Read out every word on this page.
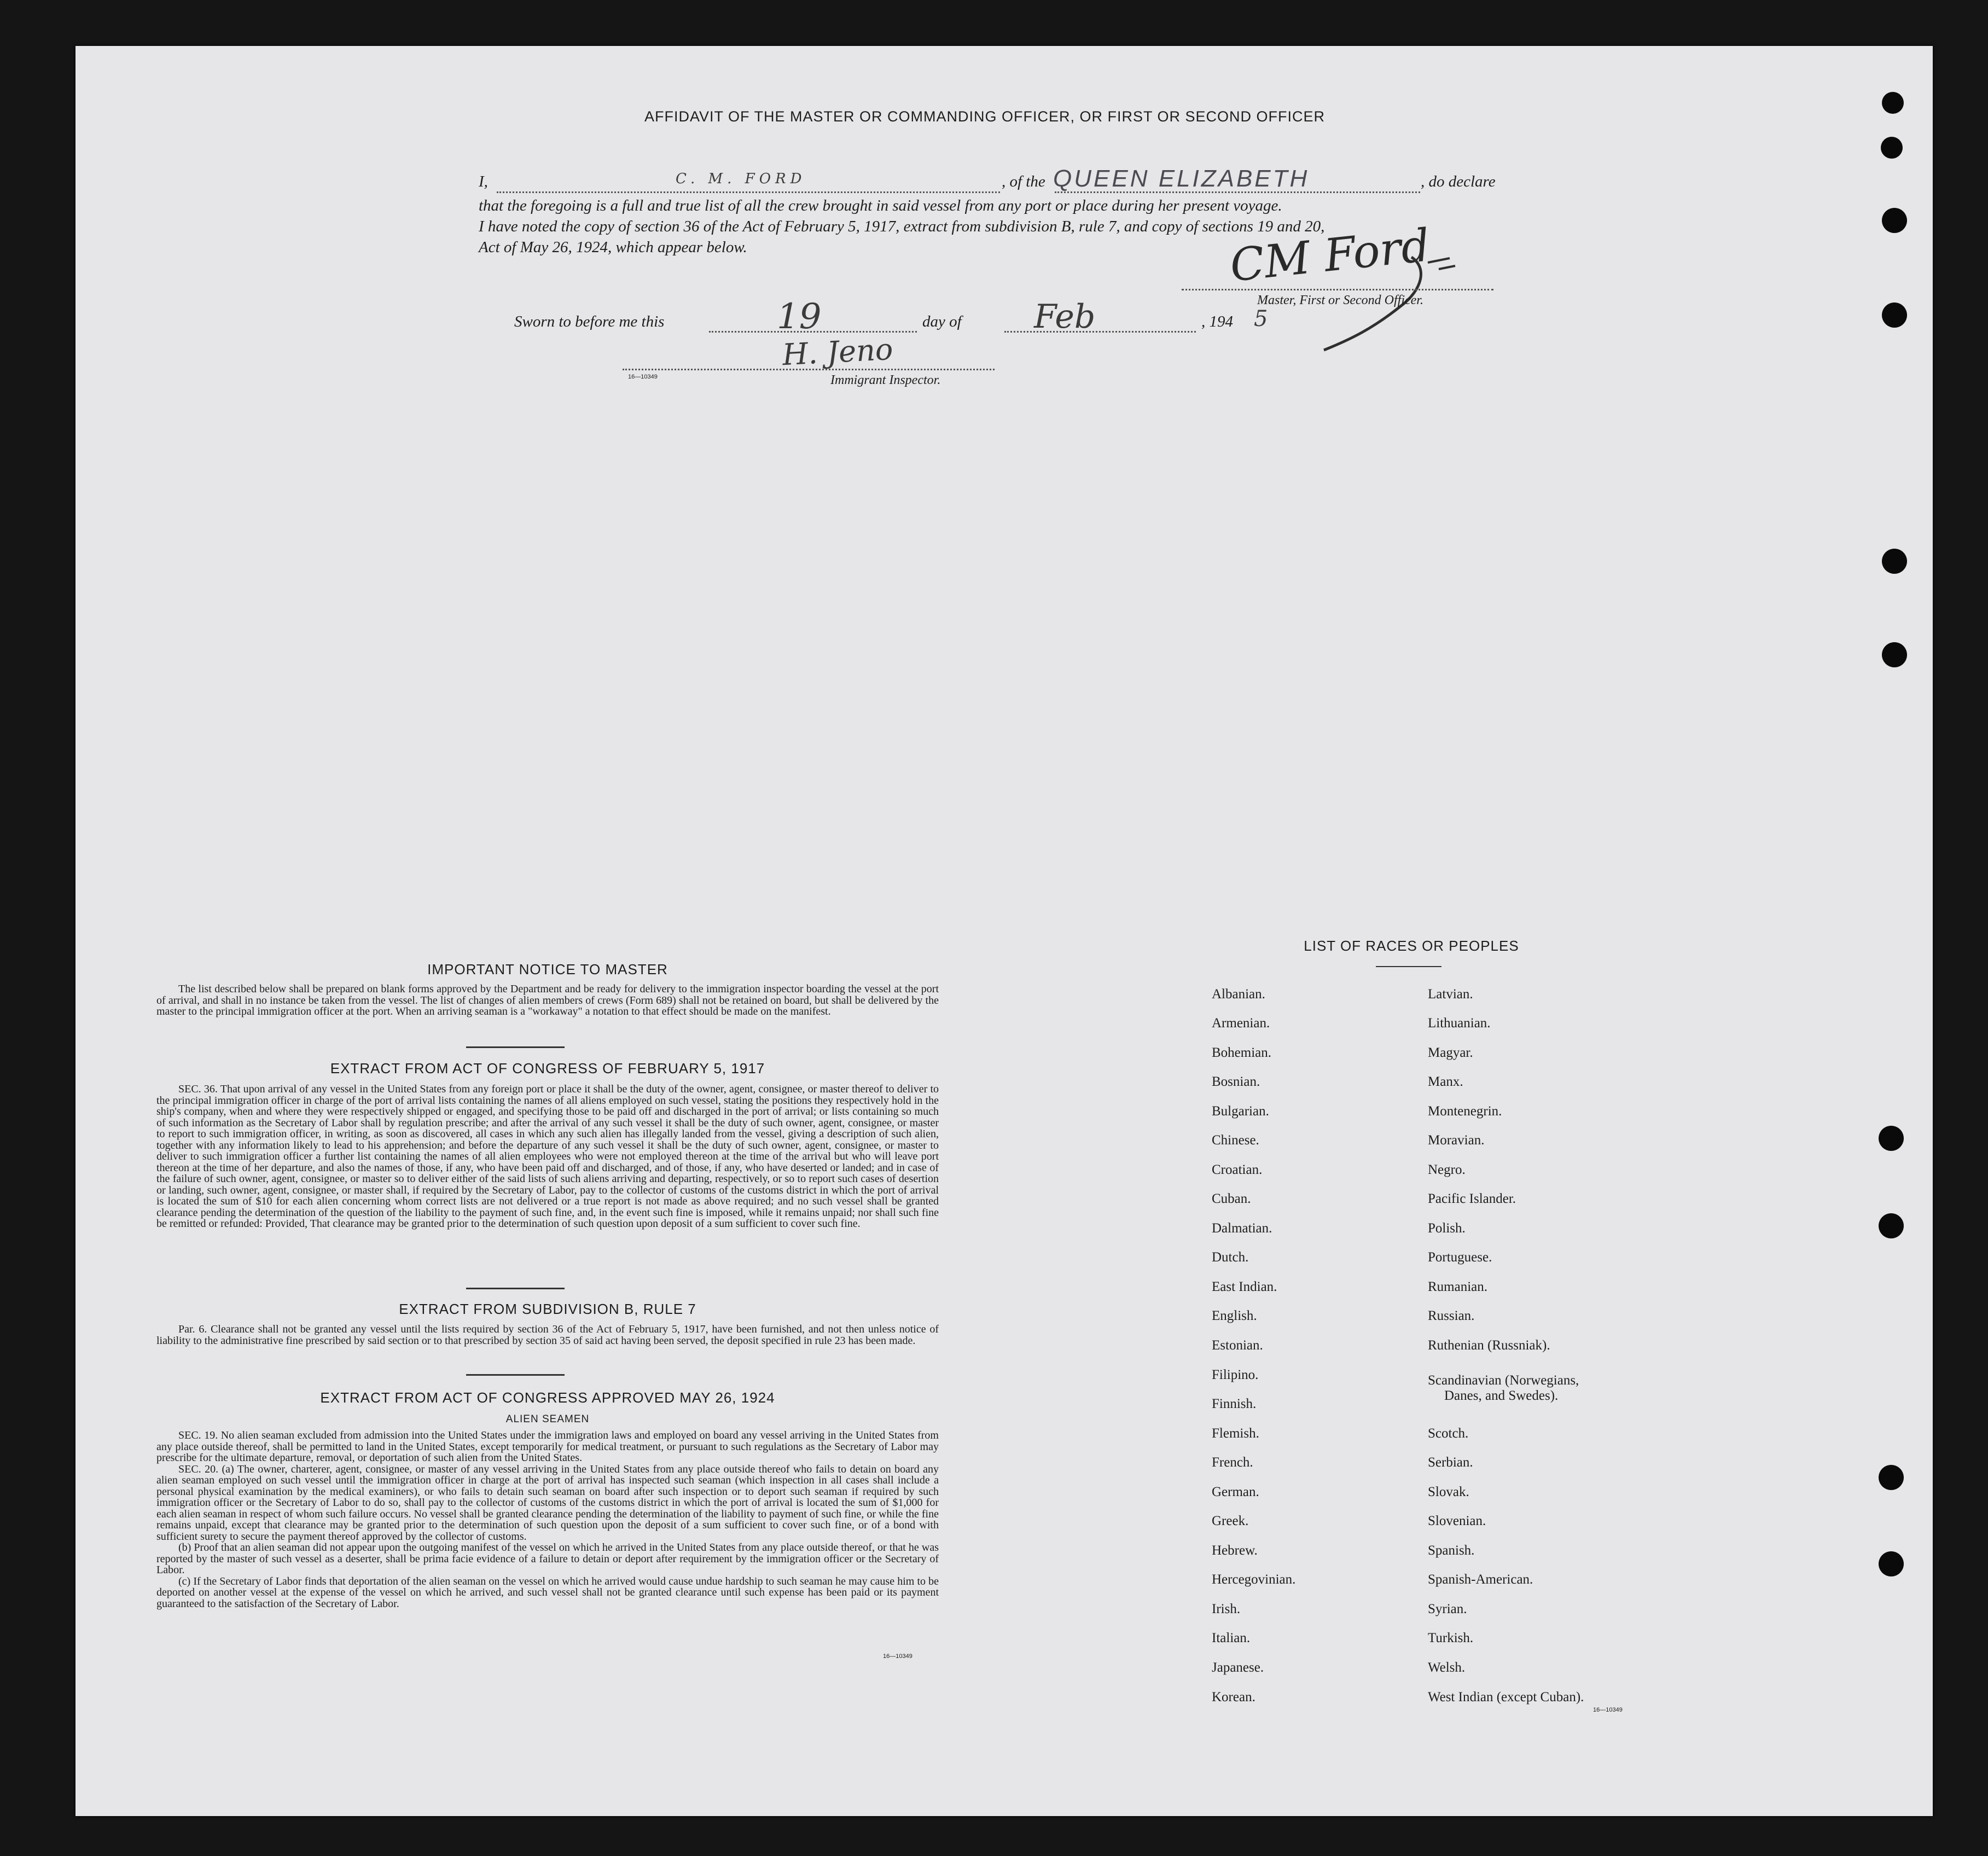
AFFIDAVIT OF THE MASTER OR COMMANDING OFFICER, OR FIRST OR SECOND OFFICER
I,	C. M. FORD	, of the QUEEN ELIZABETH	, do declare
that the foregoing is a full and true list of all the crew brought in said vessel from any port or place during her present voyage.
I have noted the copy of section 36 of the Act of February 5, 1917, extract from subdivision B, rule 7, and copy of sections 19 and 20,
Act of May 26, 1924, which appear below.	CM Ford
Master, First or Second Officer.
Sworn to before me this	19	day of Feb	, 194 5
H. Jeno
16—10349	Immigrant Inspector.
IMPORTANT NOTICE TO MASTER

The list described below shall be prepared on blank forms approved by the Department and be ready for delivery to the immigration inspector boarding the vessel at the port of arrival, and shall in no instance be taken from the vessel. The list of changes of alien members of crews (Form 689) shall not be retained on board, but shall be delivered by the master to the principal immigration officer at the port. When an arriving seaman is a "workaway" a notation to that effect should be made on the manifest.

EXTRACT FROM ACT OF CONGRESS OF FEBRUARY 5, 1917

SEC. 36. That upon arrival of any vessel in the United States from any foreign port or place it shall be the duty of the owner, agent, consignee, or master thereof to deliver to the principal immigration officer in charge of the port of arrival lists containing the names of all aliens employed on such vessel, stating the positions they respectively hold in the ship's company, when and where they were respectively shipped or engaged, and specifying those to be paid off and discharged in the port of arrival; or lists containing so much of such information as the Secretary of Labor shall by regulation prescribe; and after the arrival of any such vessel it shall be the duty of such owner, agent, consignee, or master to report to such immigration officer, in writing, as soon as discovered, all cases in which any such alien has illegally landed from the vessel, giving a description of such alien, together with any information likely to lead to his apprehension; and before the departure of any such vessel it shall be the duty of such owner, agent, consignee, or master to deliver to such immigration officer a further list containing the names of all alien employees who were not employed thereon at the time of the arrival but who will leave port thereon at the time of her departure, and also the names of those, if any, who have been paid off and discharged, and of those, if any, who have deserted or landed; and in case of the failure of such owner, agent, consignee, or master so to deliver either of the said lists of such aliens arriving and departing, respectively, or so to report such cases of desertion or landing, such owner, agent, consignee, or master shall, if required by the Secretary of Labor, pay to the collector of customs of the customs district in which the port of arrival is located the sum of $10 for each alien concerning whom correct lists are not delivered or a true report is not made as above required; and no such vessel shall be granted clearance pending the determination of the question of the liability to the payment of such fine, and, in the event such fine is imposed, while it remains unpaid; nor shall such fine be remitted or refunded: Provided, That clearance may be granted prior to the determination of such question upon deposit of a sum sufficient to cover such fine.

EXTRACT FROM SUBDIVISION B, RULE 7

Par. 6. Clearance shall not be granted any vessel until the lists required by section 36 of the Act of February 5, 1917, have been furnished, and not then unless notice of liability to the administrative fine prescribed by said section or to that prescribed by section 35 of said act having been served, the deposit specified in rule 23 has been made.

EXTRACT FROM ACT OF CONGRESS APPROVED MAY 26, 1924
ALIEN SEAMEN

SEC. 19. No alien seaman excluded from admission into the United States under the immigration laws and employed on board any vessel arriving in the United States from any place outside thereof, shall be permitted to land in the United States, except temporarily for medical treatment, or pursuant to such regulations as the Secretary of Labor may prescribe for the ultimate departure, removal, or deportation of such alien from the United States.

SEC. 20. (a) The owner, charterer, agent, consignee, or master of any vessel arriving in the United States from any place outside thereof who fails to detain on board any alien seaman employed on such vessel until the immigration officer in charge at the port of arrival has inspected such seaman (which inspection in all cases shall include a personal physical examination by the medical examiners), or who fails to detain such seaman on board after such inspection or to deport such seaman if required by such immigration officer or the Secretary of Labor to do so, shall pay to the collector of customs of the customs district in which the port of arrival is located the sum of $1,000 for each alien seaman in respect of whom such failure occurs. No vessel shall be granted clearance pending the determination of the liability to payment of such fine, or while the fine remains unpaid, except that clearance may be granted prior to the determination of such question upon the deposit of a sum sufficient to cover such fine, or of a bond with sufficient surety to secure the payment thereof approved by the collector of customs.

(b) Proof that an alien seaman did not appear upon the outgoing manifest of the vessel on which he arrived in the United States from any place outside thereof, or that he was reported by the master of such vessel as a deserter, shall be prima facie evidence of a failure to detain or deport after requirement by the immigration officer or the Secretary of Labor.

(c) If the Secretary of Labor finds that deportation of the alien seaman on the vessel on which he arrived would cause undue hardship to such seaman he may cause him to be deported on another vessel at the expense of the vessel on which he arrived, and such vessel shall not be granted clearance until such expense has been paid or its payment guaranteed to the satisfaction of the Secretary of Labor.

16—10349
LIST OF RACES OR PEOPLES
Albanian.
Armenian.
Bohemian.
Bosnian.
Bulgarian.
Chinese.
Croatian.
Cuban.
Dalmatian.
Dutch.
East Indian.
English.
Estonian.
Filipino.
Finnish.
Flemish.
French.
German.
Greek.
Hebrew.
Hercegovinian.
Irish.
Italian.
Japanese.
Korean.
Latvian.
Lithuanian.
Magyar.
Manx.
Montenegrin.
Moravian.
Negro.
Pacific Islander.
Polish.
Portuguese.
Rumanian.
Russian.
Ruthenian (Russniak).
Scandinavian (Norwegians,
Danes, and Swedes).
Scotch.
Serbian.
Slovak.
Slovenian.
Spanish.
Spanish-American.
Syrian.
Turkish.
Welsh.
West Indian (except Cuban).
16—10349
